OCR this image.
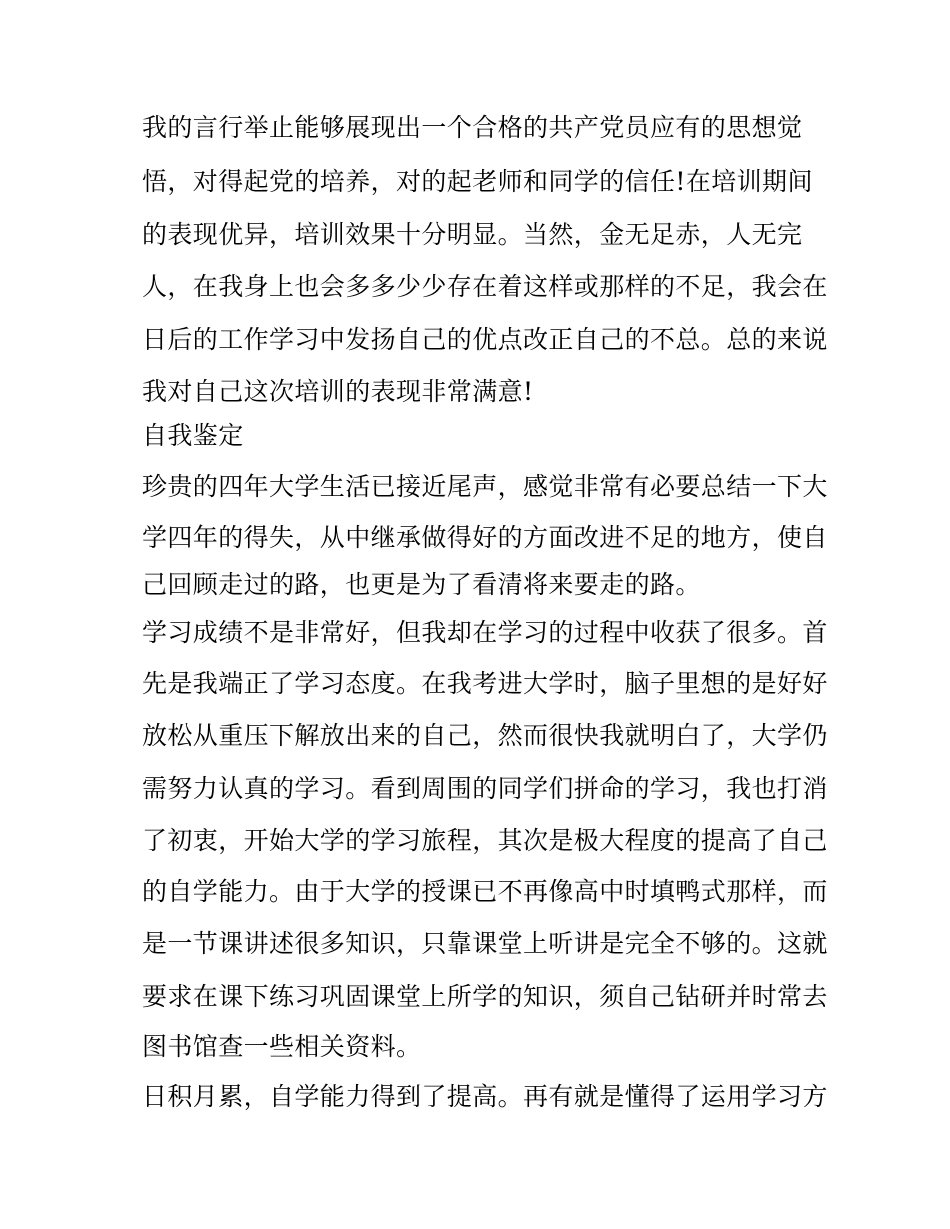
我的言行举止能够展现出一个合格的共产党员应有的思想觉
悟，对得起党的培养，对的起老师和同学的信任!在培训期间
的表现优异，培训效果十分明显。当然，金无足赤，人无完
人，在我身上也会多多少少存在着这样或那样的不足，我会在
日后的工作学习中发扬自己的优点改正自己的不总。总的来说
我对自己这次培训的表现非常满意!
自我鉴定
珍贵的四年大学生活已接近尾声，感觉非常有必要总结一下大
学四年的得失，从中继承做得好的方面改进不足的地方，使自
己回顾走过的路，也更是为了看清将来要走的路。
学习成绩不是非常好，但我却在学习的过程中收获了很多。首
先是我端正了学习态度。在我考进大学时，脑子里想的是好好
放松从重压下解放出来的自己，然而很快我就明白了，大学仍
需努力认真的学习。看到周围的同学们拼命的学习，我也打消
了初衷，开始大学的学习旅程，其次是极大程度的提高了自己
的自学能力。由于大学的授课已不再像高中时填鸭式那样，而
是一节课讲述很多知识，只靠课堂上听讲是完全不够的。这就
要求在课下练习巩固课堂上所学的知识，须自己钻研并时常去
图书馆查一些相关资料。
日积月累，自学能力得到了提高。再有就是懂得了运用学习方
